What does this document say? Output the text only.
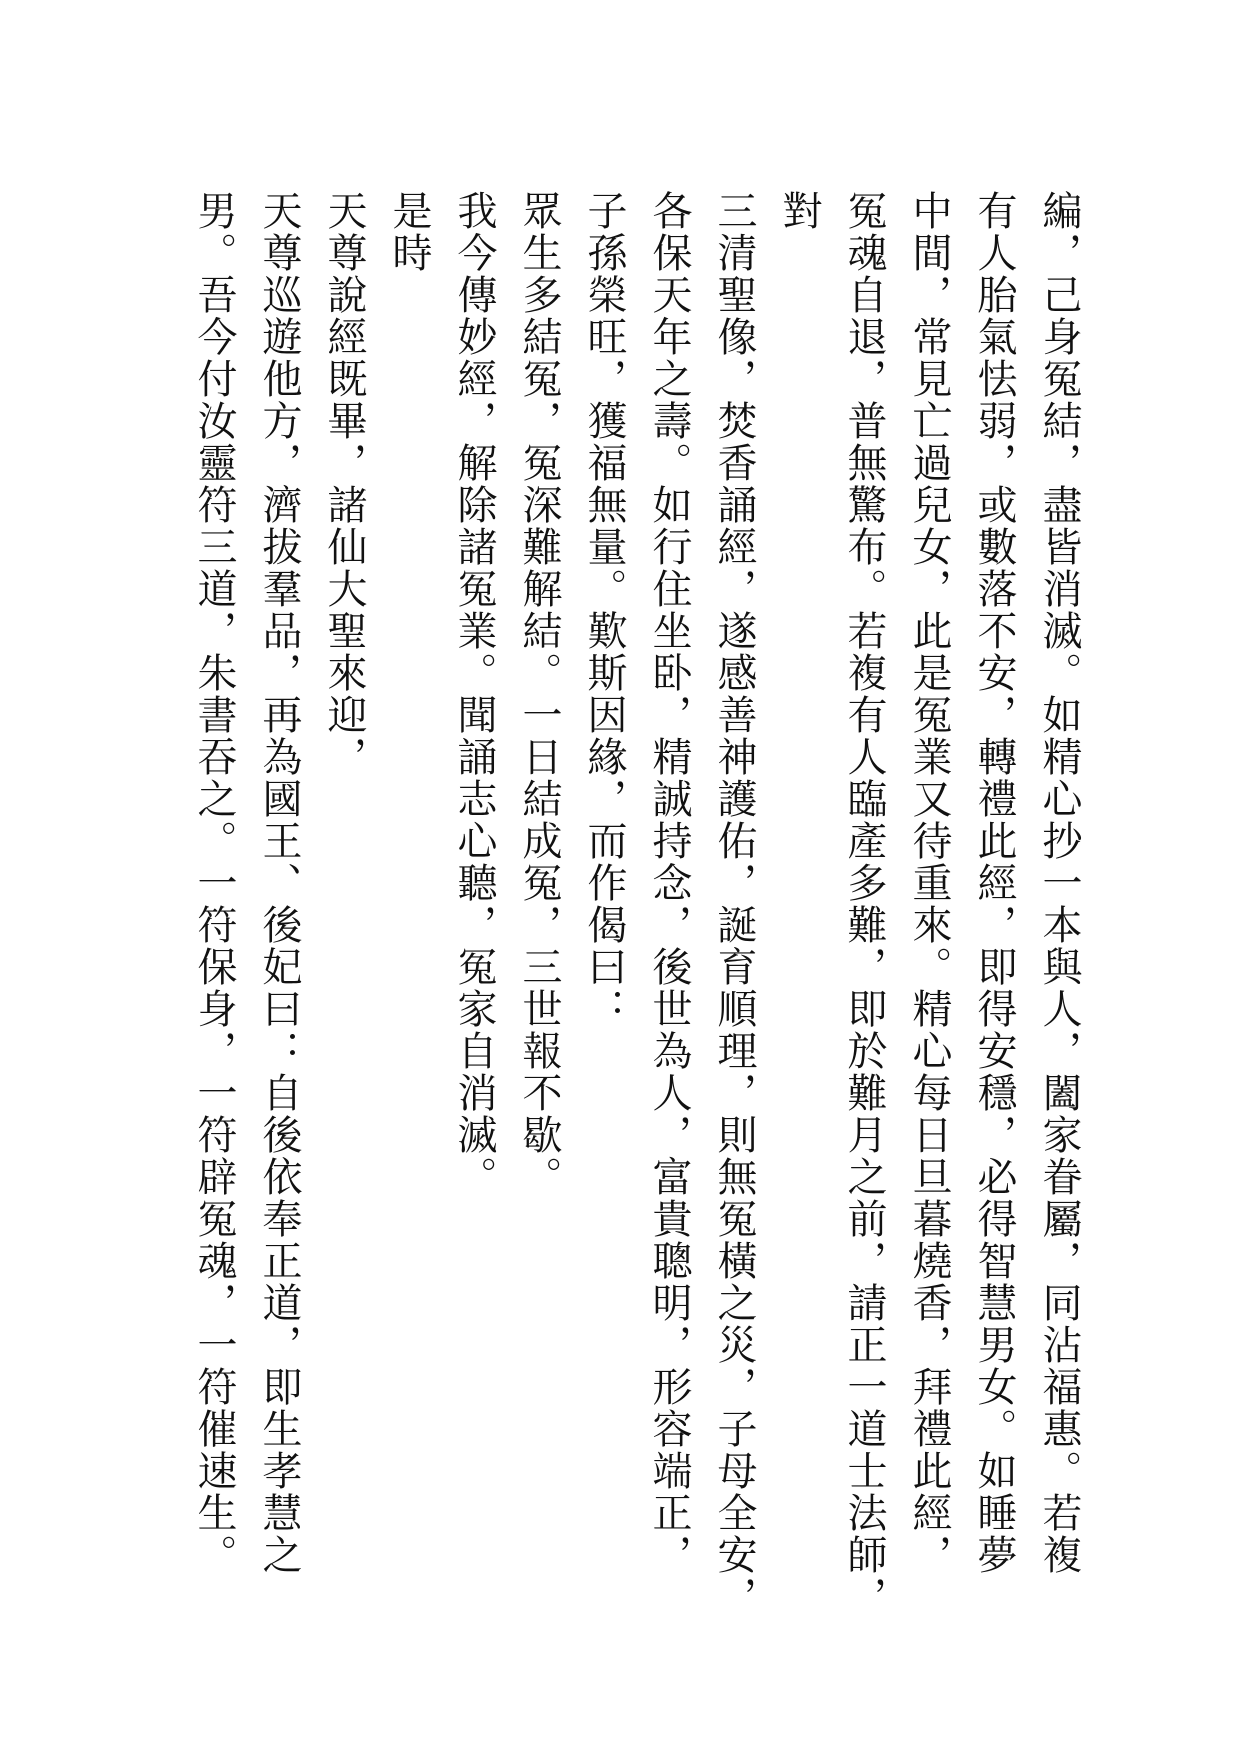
編，己身冤結，盡皆消滅。如精心抄一本與人，闔家眷屬，同沾福惠。若複
有人胎氣怯弱，或數落不安，轉禮此經，即得安穩，必得智慧男女。如睡夢
中間，常見亡過兒女，此是冤業又待重來。精心每日旦暮燒香，拜禮此經，
冤魂自退，普無驚布。若複有人臨產多難，即於難月之前，請正一道士法師，
對
三清聖像，焚香誦經，遂感善神護佑，誕育順理，則無冤橫之災，子母全安，
各保天年之壽。如行住坐卧，精誠持念，後世為人，富貴聰明，形容端正，
子孫榮旺，獲福無量。歎斯因緣，而作偈曰：
眾生多結冤，冤深難解結。一日結成冤，三世報不歇。
我今傳妙經，解除諸冤業。聞誦志心聽，冤家自消滅。
是時
天尊說經既畢，諸仙大聖來迎，
天尊巡遊他方，濟拔羣品，再為國王、後妃曰：自後依奉正道，即生孝慧之
男。吾今付汝靈符三道，朱書吞之。一符保身，一符辟冤魂，一符催速生。
